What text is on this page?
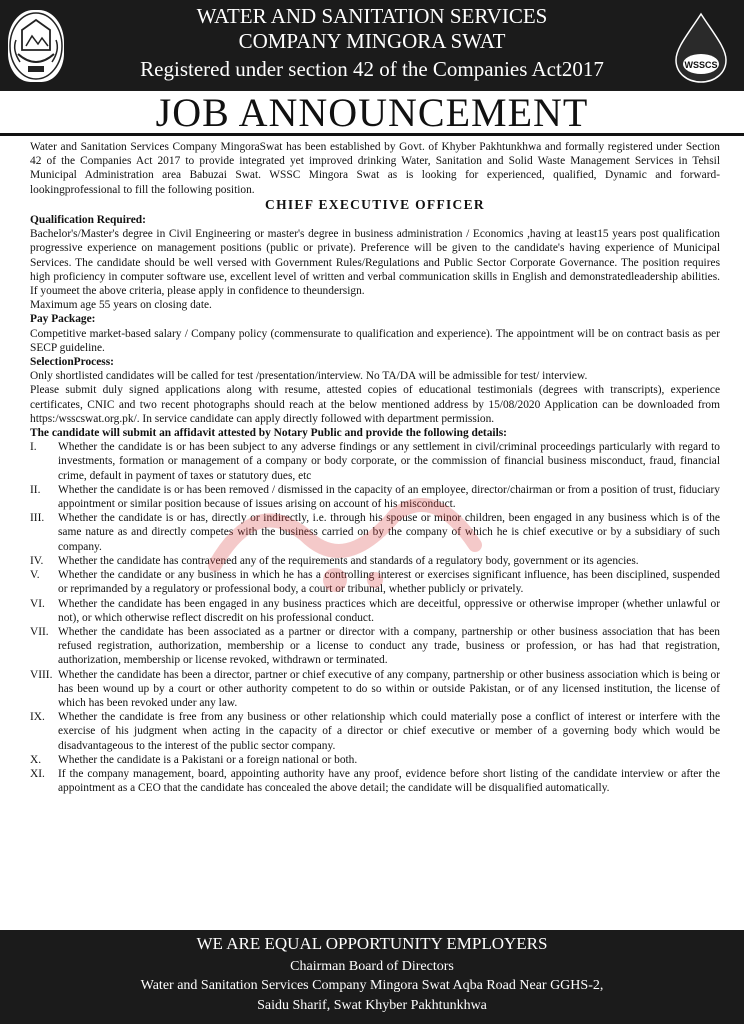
WATER AND SANITATION SERVICES
COMPANY MINGORA SWAT
Registered under section 42 of the Companies Act2017	WSSCS
JOB ANNOUNCEMENT

Water and Sanitation Services Company MingoraSwat has been established by Govt. of Khyber Pakhtunkhwa and formally registered under Section 42 of the Companies Act 2017 to provide integrated yet improved drinking Water, Sanitation and Solid Waste Management Services in Tehsil Municipal Administration area Babuzai Swat. WSSC Mingora Swat as is looking for experienced, qualified, Dynamic and forward-lookingprofessional to fill the following position.

CHIEF EXECUTIVE OFFICER
Qualification Required:

Bachelor's/Master's degree in Civil Engineering or master's degree in business administration / Economics ,having at least15 years post qualification progressive experience on management positions (public or private). Preference will be given to the candidate's having experience of Municipal Services. The candidate should be well versed with Government Rules/Regulations and Public Sector Corporate Governance. The position requires high proficiency in computer software use, excellent level of written and verbal communication skills in English and demonstratedleadership abilities. If youmeet the above criteria, please apply in confidence to theundersign.

Maximum age 55 years on closing date.

Pay Package:

Competitive market-based salary / Company policy (commensurate to qualification and experience). The appointment will be on contract basis as per SECP guideline.

SelectionProcess:

Only shortlisted candidates will be called for test /presentation/interview. No TA/DA will be admissible for test/ interview.

Please submit duly signed applications along with resume, attested copies of educational testimonials (degrees with transcripts), experience certificates, CNIC and two recent photographs should reach at the below mentioned address by 15/08/2020 Application can be downloaded from https:/wsscswat.org.pk/. In service candidate can apply directly followed with department permission.

The candidate will submit an affidavit attested by Notary Public and provide the following details:
I.	Whether the candidate is or has been subject to any adverse findings or any settlement in civil/criminal proceedings particularly with regard to investments, formation or management of a company or body corporate, or the commission of financial business misconduct, fraud, financial crime, default in payment of taxes or statutory dues, etc
II.	Whether the candidate is or has been removed / dismissed in the capacity of an employee, director/chairman or from a position of trust, fiduciary appointment or similar position because of issues arising on account of his misconduct.
III.	Whether the candidate is or has, directly or indirectly, i.e. through his spouse or minor children, been engaged in any business which is of the same nature as and directly competes with the business carried on by the company of which he is chief executive or by a subsidiary of such company.
IV.	Whether the candidate has contravened any of the requirements and standards of a regulatory body, government or its agencies.
V.	Whether the candidate or any business in which he has a controlling interest or exercises significant influence, has been disciplined, suspended or reprimanded by a regulatory or professional body, a court or tribunal, whether publicly or privately.
VI.	Whether the candidate has been engaged in any business practices which are deceitful, oppressive or otherwise improper (whether unlawful or not), or which otherwise reflect discredit on his professional conduct.
VII. Whether the candidate has been associated as a partner or director with a company, partnership or other business association that has been refused registration, authorization, membership or a license to conduct any trade, business or profession, or has had that registration, authorization, membership or license revoked, withdrawn or terminated.
VIII. Whether the candidate has been a director, partner or chief executive of any company, partnership or other business association which is being or has been wound up by a court or other authority competent to do so within or outside Pakistan, or of any licensed institution, the license of which has been revoked under any law.
IX.	Whether the candidate is free from any business or other relationship which could materially pose a conflict of interest or interfere with the exercise of his judgment when acting in the capacity of a director or chief executive or member of a governing body which would be disadvantageous to the interest of the public sector company.
X.	Whether the candidate is a Pakistani or a foreign national or both.
XI.	If the company management, board, appointing authority have any proof, evidence before short listing of the candidate interview or after the appointment as a CEO that the candidate has concealed the above detail; the candidate will be disqualified automatically.
WE ARE EQUAL OPPORTUNITY EMPLOYERS
Chairman Board of Directors
Water and Sanitation Services Company Mingora Swat Aqba Road Near GGHS-2,
Saidu Sharif, Swat Khyber Pakhtunkhwa
